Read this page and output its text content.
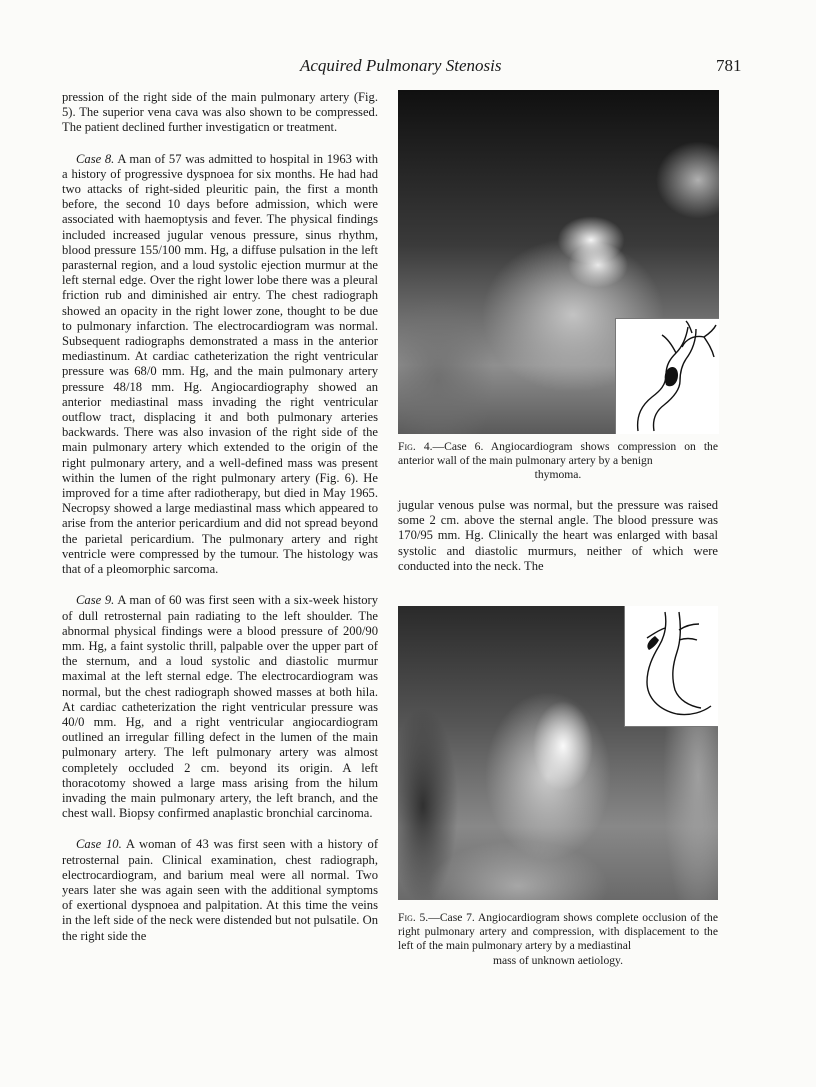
Acquired Pulmonary Stenosis	781

pression of the right side of the main pulmonary artery (Fig. 5). The superior vena cava was also shown to be compressed. The patient declined further investigaticn or treatment.

Case 8. A man of 57 was admitted to hospital in 1963 with a history of progressive dyspnoea for six months. He had had two attacks of right-sided pleuritic pain, the first a month before, the second 10 days before admission, which were associated with haemoptysis and fever. The physical findings included increased jugular venous pressure, sinus rhythm, blood pressure 155/100 mm. Hg, a diffuse pulsation in the left parasternal region, and a loud systolic ejection murmur at the left sternal edge. Over the right lower lobe there was a pleural friction rub and diminished air entry. The chest radiograph showed an opacity in the right lower zone, thought to be due to pulmonary infarction. The electrocardiogram was normal. Subsequent radiographs demonstrated a mass in the anterior mediastinum. At cardiac catheterization the right ventricular pressure was 68/0 mm. Hg, and the main pulmonary artery pressure 48/18 mm. Hg. Angiocardiography showed an anterior mediastinal mass invading the right ventricular outflow tract, displacing it and both pulmonary arteries backwards. There was also invasion of the right side of the main pulmonary artery which extended to the origin of the right pulmonary artery, and a well-defined mass was present within the lumen of the right pulmonary artery (Fig. 6). He improved for a time after radiotherapy, but died in May 1965. Necropsy showed a large mediastinal mass which appeared to arise from the anterior pericardium and did not spread beyond the parietal pericardium. The pulmonary artery and right ventricle were compressed by the tumour. The histology was that of a pleomorphic sarcoma.

Case 9. A man of 60 was first seen with a six-week history of dull retrosternal pain radiating to the left shoulder. The abnormal physical findings were a blood pressure of 200/90 mm. Hg, a faint systolic thrill, palpable over the upper part of the sternum, and a loud systolic and diastolic murmur maximal at the left sternal edge. The electrocardiogram was normal, but the chest radiograph showed masses at both hila. At cardiac catheterization the right ventricular pressure was 40/0 mm. Hg, and a right ventricular angiocardiogram outlined an irregular filling defect in the lumen of the main pulmonary artery. The left pulmonary artery was almost completely occluded 2 cm. beyond its origin. A left thoracotomy showed a large mass arising from the hilum invading the main pulmonary artery, the left branch, and the chest wall. Biopsy confirmed anaplastic bronchial carcinoma.

Case 10. A woman of 43 was first seen with a history of retrosternal pain. Clinical examination, chest radiograph, electrocardiogram, and barium meal were all normal. Two years later she was again seen with the additional symptoms of exertional dyspnoea and palpitation. At this time the veins in the left side of the neck were distended but not pulsatile. On the right side the

Fig. 4.—Case 6. Angiocardiogram shows compression on the anterior wall of the main pulmonary artery by a benign
thymoma.

jugular venous pulse was normal, but the pressure was raised some 2 cm. above the sternal angle. The blood pressure was 170/95 mm. Hg. Clinically the heart was enlarged with basal systolic and diastolic murmurs, neither of which were conducted into the neck. The

Fig. 5.—Case 7. Angiocardiogram shows complete occlusion of the right pulmonary artery and compression, with displacement to the left of the main pulmonary artery by a mediastinal
mass of unknown aetiology.
